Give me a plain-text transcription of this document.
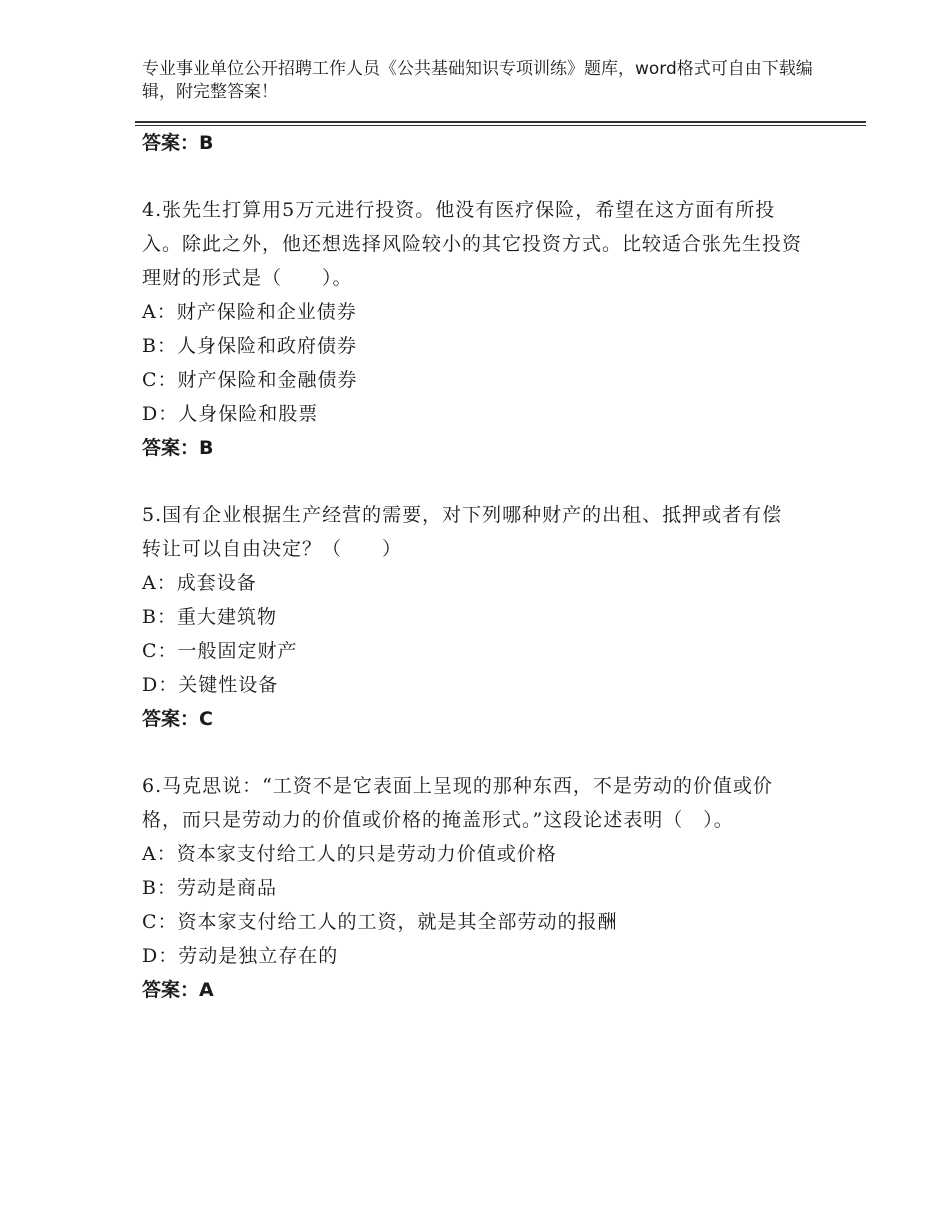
专业事业单位公开招聘工作人员《公共基础知识专项训练》题库，word格式可自由下载编辑，附完整答案！

答案：B

4.张先生打算用5万元进行投资。他没有医疗保险，希望在这方面有所投入。除此之外，他还想选择风险较小的其它投资方式。比较适合张先生投资理财的形式是（　　）。

A：财产保险和企业债券

B：人身保险和政府债券

C：财产保险和金融债券

D：人身保险和股票

答案：B

5.国有企业根据生产经营的需要，对下列哪种财产的出租、抵押或者有偿转让可以自由决定？（　　）

A：成套设备

B：重大建筑物

C：一般固定财产

D：关键性设备

答案：C

6.马克思说：“工资不是它表面上呈现的那种东西，不是劳动的价值或价格，而只是劳动力的价值或价格的掩盖形式。”这段论述表明（　）。

A：资本家支付给工人的只是劳动力价值或价格

B：劳动是商品

C：资本家支付给工人的工资，就是其全部劳动的报酬

D：劳动是独立存在的

答案：A
